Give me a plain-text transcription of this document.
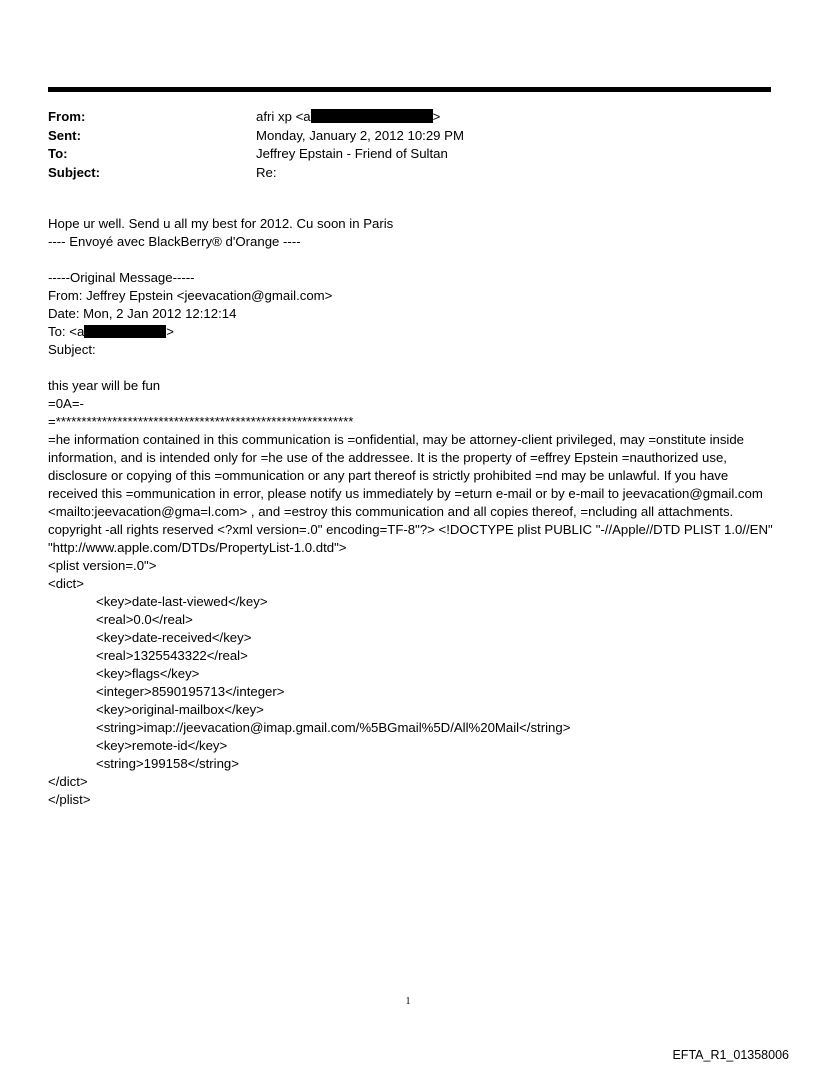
From:	afri xp <a	>
Sent:	Monday, January 2, 2012 10:29 PM
To:	Jeffrey Epstain - Friend of Sultan
Subject:	Re:
Hope ur well. Send u all my best for 2012. Cu soon in Paris
---- Envoyé avec BlackBerry® d'Orange ----
-----Original Message-----
From: Jeffrey Epstein <jeevacation@gmail.com>
Date: Mon, 2 Jan 2012 12:12:14
To: <a	>
Subject:
this year will be fun
=0A=-
=**********************************************************
=he information contained in this communication is =onfidential, may be attorney-client privileged, may =onstitute inside information, and is intended only for =he use of the addressee. It is the property of =effrey Epstein =nauthorized use, disclosure or copying of this =ommunication or any part thereof is strictly prohibited =nd may be unlawful. If you have received this =ommunication in error, please notify us immediately by =eturn e-mail or by e-mail to jeevacation@gmail.com <mailto:jeevacation@gma=l.com> , and =estroy this communication and all copies thereof, =ncluding all attachments. copyright -all rights reserved <?xml version=.0" encoding=TF-8"?> <!DOCTYPE plist PUBLIC "-//Apple//DTD PLIST 1.0//EN" "http://www.apple.com/DTDs/PropertyList-1.0.dtd">
<plist version=.0">
<dict>
<key>date-last-viewed</key>
<real>0.0</real>
<key>date-received</key>
<real>1325543322</real>
<key>flags</key>
<integer>8590195713</integer>
<key>original-mailbox</key>
<string>imap://jeevacation@imap.gmail.com/%5BGmail%5D/All%20Mail</string>
<key>remote-id</key>
<string>199158</string>
</dict>
</plist>
1
EFTA_R1_01358006
